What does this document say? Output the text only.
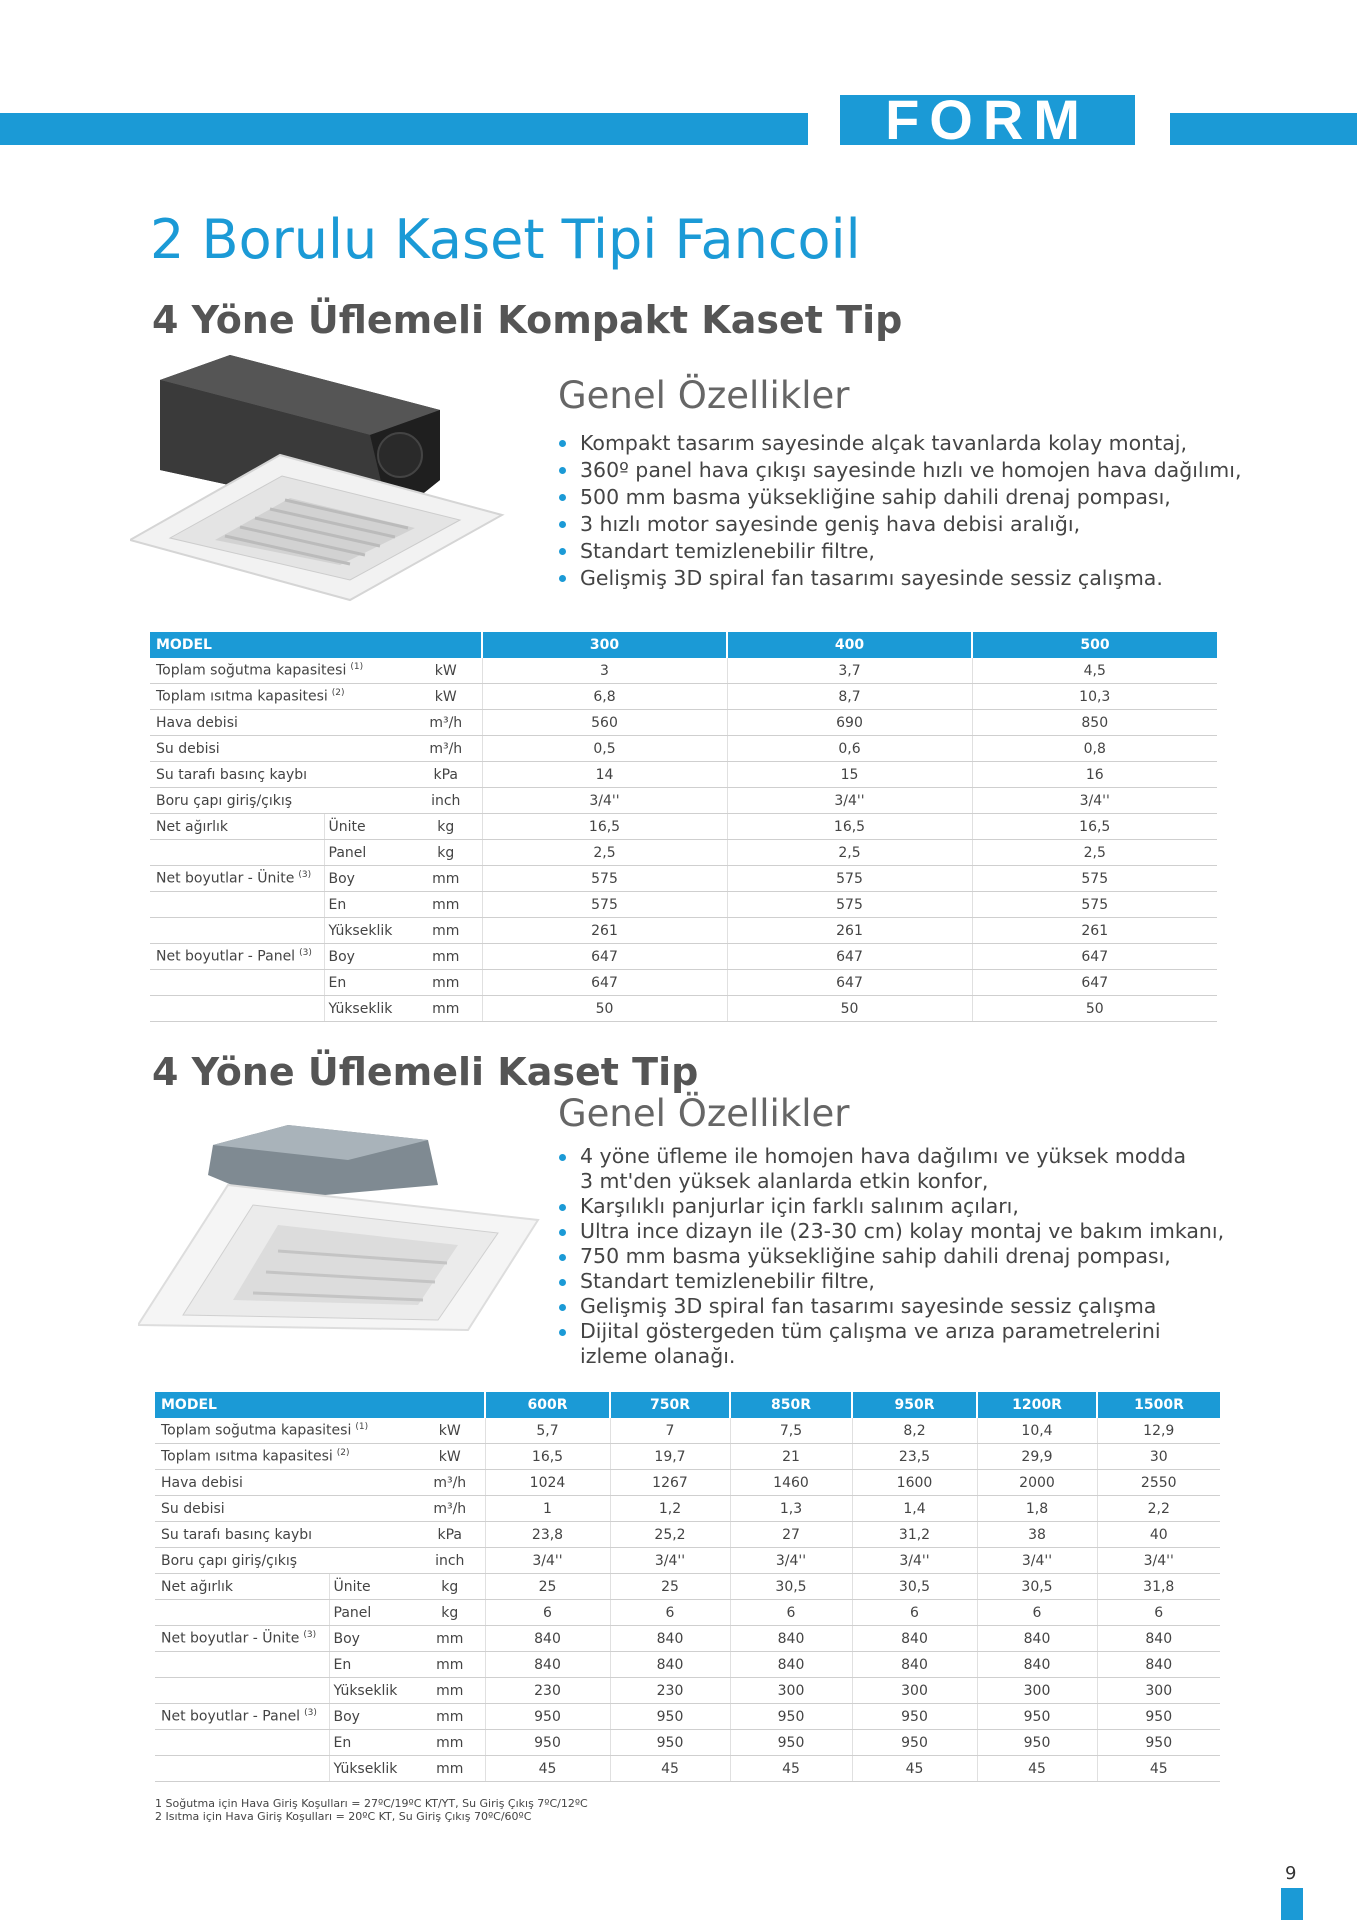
FORM
2 Borulu Kaset Tipi Fancoil
4 Yöne Üflemeli Kompakt Kaset Tip
Genel Özellikler
Kompakt tasarım sayesinde alçak tavanlarda kolay montaj,
360º panel hava çıkışı sayesinde hızlı ve homojen hava dağılımı,
500 mm basma yüksekliğine sahip dahili drenaj pompası,
3 hızlı motor sayesinde geniş hava debisi aralığı,
Standart temizlenebilir filtre,
Gelişmiş 3D spiral fan tasarımı sayesinde sessiz çalışma.
MODEL			300	400	500
Toplam soğutma kapasitesi $^{(1)}$		kW	3	3,7	4,5
Toplam ısıtma kapasitesi $^{(2)}$		kW	6,8	8,7	10,3
Hava debisi		m³/h	560	690	850
Su debisi		m³/h	0,5	0,6	0,8
Su tarafı basınç kaybı		kPa	14	15	16
Boru çapı giriş/çıkış		inch	3/4''	3/4''	3/4''
Net ağırlık	Ünite	kg	16,5	16,5	16,5
	Panel	kg	2,5	2,5	2,5
Net boyutlar - Ünite $^{(3)}$	Boy	mm	575	575	575
	En	mm	575	575	575
	Yükseklik	mm	261	261	261
Net boyutlar - Panel $^{(3)}$	Boy	mm	647	647	647
	En	mm	647	647	647
	Yükseklik	mm	50	50	50
4 Yöne Üflemeli Kaset Tip
Genel Özellikler
4 yöne üfleme ile homojen hava dağılımı ve yüksek modda
3 mt'den yüksek alanlarda etkin konfor,
Karşılıklı panjurlar için farklı salınım açıları,
Ultra ince dizayn ile (23-30 cm) kolay montaj ve bakım imkanı,
750 mm basma yüksekliğine sahip dahili drenaj pompası,
Standart temizlenebilir filtre,
Gelişmiş 3D spiral fan tasarımı sayesinde sessiz çalışma
Dijital göstergeden tüm çalışma ve arıza parametrelerini
izleme olanağı.
MODEL			600R	750R	850R	950R	1200R	1500R
Toplam soğutma kapasitesi $^{(1)}$		kW	5,7	7	7,5	8,2	10,4	12,9
Toplam ısıtma kapasitesi $^{(2)}$		kW	16,5	19,7	21	23,5	29,9	30
Hava debisi		m³/h	1024	1267	1460	1600	2000	2550
Su debisi		m³/h	1	1,2	1,3	1,4	1,8	2,2
Su tarafı basınç kaybı		kPa	23,8	25,2	27	31,2	38	40
Boru çapı giriş/çıkış		inch	3/4''	3/4''	3/4''	3/4''	3/4''	3/4''
Net ağırlık	Ünite	kg	25	25	30,5	30,5	30,5	31,8
	Panel	kg	6	6	6	6	6	6
Net boyutlar - Ünite $^{(3)}$	Boy	mm	840	840	840	840	840	840
	En	mm	840	840	840	840	840	840
	Yükseklik	mm	230	230	300	300	300	300
Net boyutlar - Panel $^{(3)}$	Boy	mm	950	950	950	950	950	950
	En	mm	950	950	950	950	950	950
	Yükseklik	mm	45	45	45	45	45	45
1 Soğutma için Hava Giriş Koşulları = 27ºC/19ºC KT/YT, Su Giriş Çıkış 7ºC/12ºC
2 Isıtma için Hava Giriş Koşulları = 20ºC KT, Su Giriş Çıkış 70ºC/60ºC
9
